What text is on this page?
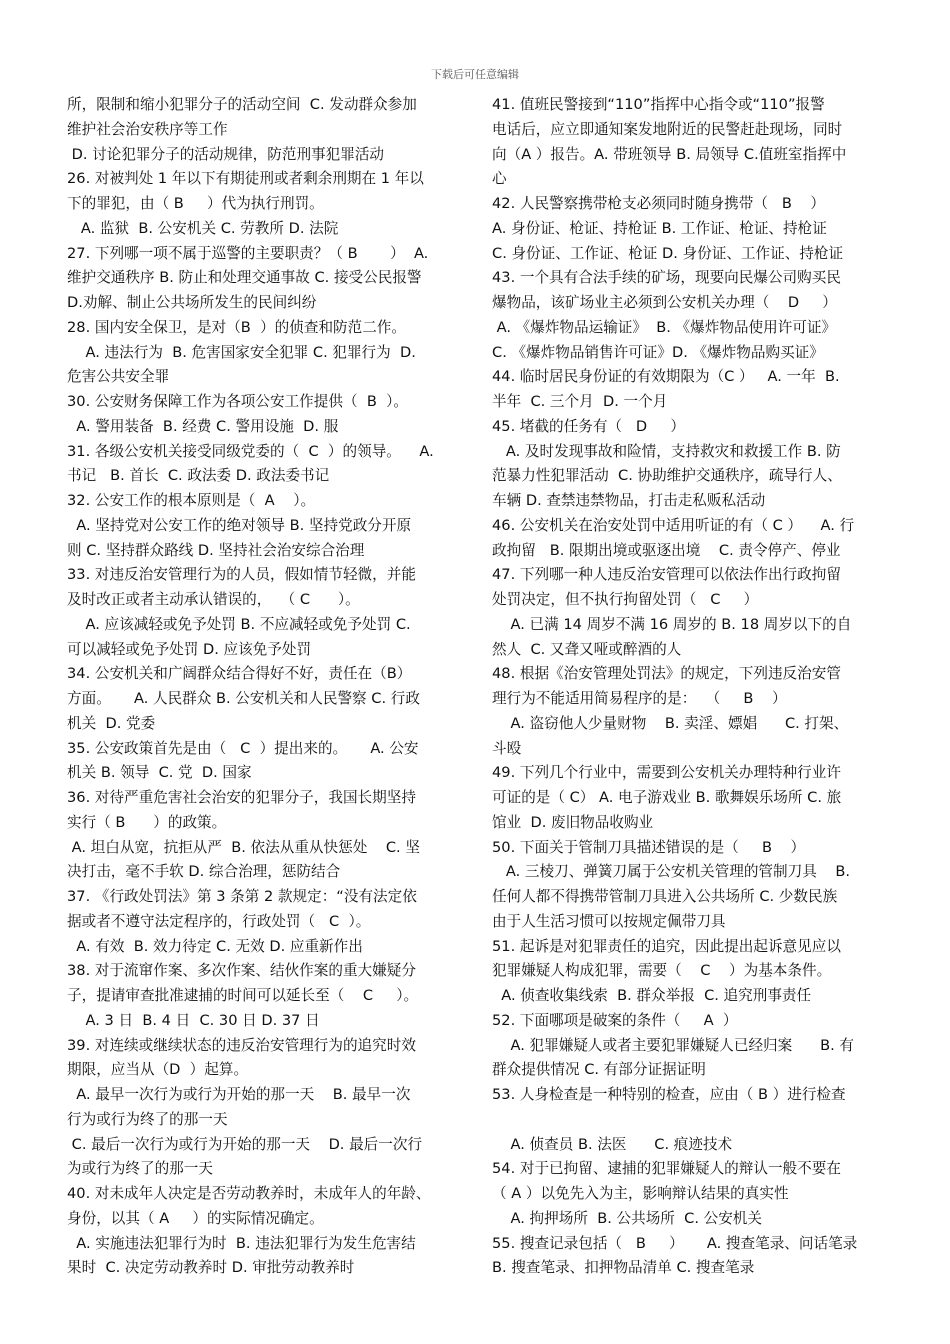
下载后可任意编辑
所，限制和缩小犯罪分子的活动空间  C. 发动群众参加
维护社会治安秩序等工作
D. 讨论犯罪分子的活动规律，防范刑事犯罪活动
26. 对被判处 1 年以下有期徒刑或者剩余刑期在 1 年以
下的罪犯，由（ B     ）代为执行刑罚。
A. 监狱  B. 公安机关 C. 劳教所 D. 法院
27. 下列哪一项不属于巡警的主要职责？（ B       ）  A.
维护交通秩序 B. 防止和处理交通事故 C. 接受公民报警
D.劝解、制止公共场所发生的民间纠纷
28. 国内安全保卫，是对（B  ）的侦查和防范二作。
A. 违法行为  B. 危害国家安全犯罪 C. 犯罪行为  D.
危害公共安全罪
30. 公安财务保障工作为各项公安工作提供（  B  ）。
A. 警用装备  B. 经费 C. 警用设施  D. 服
31. 各级公安机关接受同级党委的（  C  ）的领导。    A.
书记   B. 首长  C. 政法委 D. 政法委书记
32. 公安工作的根本原则是（  A    ）。
A. 坚持党对公安工作的绝对领导 B. 坚持党政分开原
则 C. 坚持群众路线 D. 坚持社会治安综合治理
33. 对违反治安管理行为的人员，假如情节轻微，并能
及时改正或者主动承认错误的，  （ C      ）。
A. 应该减轻或免予处罚 B. 不应减轻或免予处罚 C.
可以减轻或免予处罚 D. 应该免予处罚
34. 公安机关和广阔群众结合得好不好，责任在（B）
方面。     A. 人民群众 B. 公安机关和人民警察 C. 行政
机关  D. 党委
35. 公安政策首先是由（   C  ）提出来的。     A. 公安
机关 B. 领导  C. 党  D. 国家
36. 对待严重危害社会治安的犯罪分子，我国长期坚持
实行（ B      ）的政策。
A. 坦白从宽，抗拒从严  B. 依法从重从快惩处    C. 坚
决打击，毫不手软 D. 综合治理，惩防结合
37. 《行政处罚法》第 3 条第 2 款规定：“没有法定依
据或者不遵守法定程序的，行政处罚（   C  ）。
A. 有效  B. 效力待定 C. 无效 D. 应重新作出
38. 对于流窜作案、多次作案、结伙作案的重大嫌疑分
子，提请审查批准逮捕的时间可以延长至（    C     ）。
A. 3 日  B. 4 日  C. 30 日 D. 37 日
39. 对连续或继续状态的违反治安管理行为的追究时效
期限，应当从（D  ）起算。
A. 最早一次行为或行为开始的那一天    B. 最早一次
行为或行为终了的那一天
C. 最后一次行为或行为开始的那一天    D. 最后一次行
为或行为终了的那一天
40. 对未成年人决定是否劳动教养时，未成年人的年龄、
身份，以其（ A     ）的实际情况确定。
A. 实施违法犯罪行为时  B. 违法犯罪行为发生危害结
果时  C. 决定劳动教养时 D. 审批劳动教养时
41. 值班民警接到“110”指挥中心指令或“110”报警
电话后，应立即通知案发地附近的民警赶赴现场，同时
向（A ）报告。A. 带班领导 B. 局领导 C.值班室指挥中
心
42. 人民警察携带枪支必须同时随身携带（   B    ）
A. 身份证、枪证、持枪证 B. 工作证、枪证、持枪证
C. 身份证、工作证、枪证 D. 身份证、工作证、持枪证
43. 一个具有合法手续的矿场，现要向民爆公司购买民
爆物品，该矿场业主必须到公安机关办理（    D     ）
A. 《爆炸物品运输证》  B. 《爆炸物品使用许可证》
C. 《爆炸物品销售许可证》D. 《爆炸物品购买证》
44. 临时居民身份证的有效期限为（C ）   A. 一年  B.
半年  C. 三个月  D. 一个月
45. 堵截的任务有（   D     ）
A. 及时发现事故和险情，支持救灾和救援工作 B. 防
范暴力性犯罪活动  C. 协助维护交通秩序，疏导行人、
车辆 D. 查禁违禁物品，打击走私贩私活动
46. 公安机关在治安处罚中适用听证的有（ C ）    A. 行
政拘留   B. 限期出境或驱逐出境    C. 责令停产、停业
47. 下列哪一种人违反治安管理可以依法作出行政拘留
处罚决定，但不执行拘留处罚（   C     ）
A. 已满 14 周岁不满 16 周岁的 B. 18 周岁以下的自
然人  C. 又聋又哑或醉酒的人
48. 根据《治安管理处罚法》的规定，下列违反治安管
理行为不能适用简易程序的是：  （     B    ）
A. 盗窃他人少量财物    B. 卖淫、嫖娼      C. 打架、
斗殴
49. 下列几个行业中，需要到公安机关办理特种行业许
可证的是（ C） A. 电子游戏业 B. 歌舞娱乐场所 C. 旅
馆业  D. 废旧物品收购业
50. 下面关于管制刀具描述错误的是（     B    ）
A. 三棱刀、弹簧刀属于公安机关管理的管制刀具    B.
任何人都不得携带管制刀具进入公共场所 C. 少数民族
由于人生活习惯可以按规定佩带刀具
51. 起诉是对犯罪责任的追究，因此提出起诉意见应以
犯罪嫌疑人构成犯罪，需要（    C    ）为基本条件。
A. 侦查收集线索  B. 群众举报  C. 追究刑事责任
52. 下面哪项是破案的条件（     A  ）
A. 犯罪嫌疑人或者主要犯罪嫌疑人已经归案      B. 有
群众提供情况 C. 有部分证据证明
53. 人身检查是一种特别的检查，应由（ B ）进行检查

A. 侦查员 B. 法医      C. 痕迹技术
54. 对于已拘留、逮捕的犯罪嫌疑人的辩认一般不要在
（ A ）以免先入为主，影响辩认结果的真实性
A. 拘押场所  B. 公共场所  C. 公安机关
55. 搜查记录包括（   B     ）     A. 搜查笔录、问话笔录
B. 搜查笔录、扣押物品清单 C. 搜查笔录
